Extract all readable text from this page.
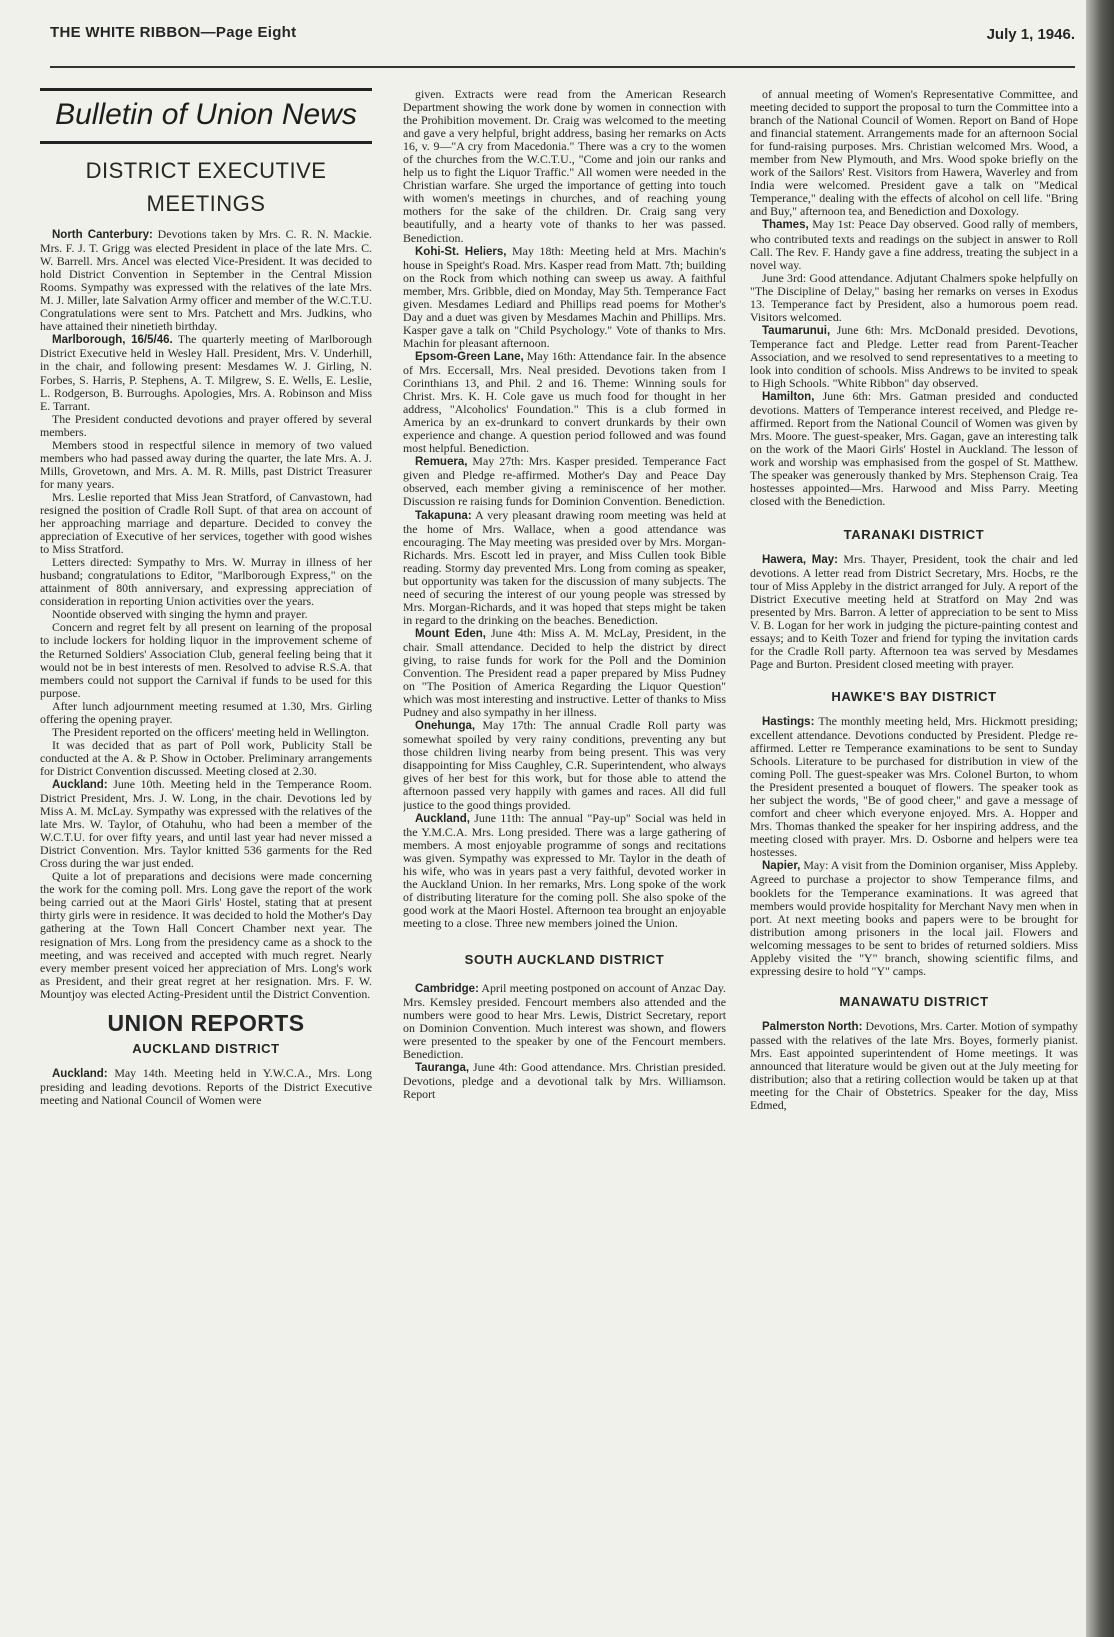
THE WHITE RIBBON—Page Eight	July 1, 1946.
Bulletin of Union News
DISTRICT EXECUTIVE MEETINGS

North Canterbury: Devotions taken by Mrs. C. R. N. Mackie. Mrs. F. J. T. Grigg was elected President in place of the late Mrs. C. W. Barrell. Mrs. Ancel was elected Vice-President. It was decided to hold District Convention in September in the Central Mission Rooms. Sympathy was expressed with the relatives of the late Mrs. M. J. Miller, late Salvation Army officer and member of the W.C.T.U. Congratulations were sent to Mrs. Patchett and Mrs. Judkins, who have attained their ninetieth birthday.

Marlborough, 16/5/46. The quarterly meeting of Marlborough District Executive held in Wesley Hall. President, Mrs. V. Underhill, in the chair, and following present: Mesdames W. J. Girling, N. Forbes, S. Harris, P. Stephens, A. T. Milgrew, S. E. Wells, E. Leslie, L. Rodgerson, B. Burroughs. Apologies, Mrs. A. Robinson and Miss E. Tarrant.

The President conducted devotions and prayer offered by several members.

Members stood in respectful silence in memory of two valued members who had passed away during the quarter, the late Mrs. A. J. Mills, Grovetown, and Mrs. A. M. R. Mills, past District Treasurer for many years.

Mrs. Leslie reported that Miss Jean Stratford, of Canvastown, had resigned the position of Cradle Roll Supt. of that area on account of her approaching marriage and departure. Decided to convey the appreciation of Executive of her services, together with good wishes to Miss Stratford.

Letters directed: Sympathy to Mrs. W. Murray in illness of her husband; congratulations to Editor, "Marlborough Express," on the attainment of 80th anniversary, and expressing appreciation of consideration in reporting Union activities over the years.

Noontide observed with singing the hymn and prayer.

Concern and regret felt by all present on learning of the proposal to include lockers for holding liquor in the improvement scheme of the Returned Soldiers' Association Club, general feeling being that it would not be in best interests of men. Resolved to advise R.S.A. that members could not support the Carnival if funds to be used for this purpose.

After lunch adjournment meeting resumed at 1.30, Mrs. Girling offering the opening prayer.

The President reported on the officers' meeting held in Wellington.

It was decided that as part of Poll work, Publicity Stall be conducted at the A. & P. Show in October. Preliminary arrangements for District Convention discussed. Meeting closed at 2.30.

Auckland: June 10th. Meeting held in the Temperance Room. District President, Mrs. J. W. Long, in the chair. Devotions led by Miss A. M. McLay. Sympathy was expressed with the relatives of the late Mrs. W. Taylor, of Otahuhu, who had been a member of the W.C.T.U. for over fifty years, and until last year had never missed a District Convention. Mrs. Taylor knitted 536 garments for the Red Cross during the war just ended.

Quite a lot of preparations and decisions were made concerning the work for the coming poll. Mrs. Long gave the report of the work being carried out at the Maori Girls' Hostel, stating that at present thirty girls were in residence. It was decided to hold the Mother's Day gathering at the Town Hall Concert Chamber next year. The resignation of Mrs. Long from the presidency came as a shock to the meeting, and was received and accepted with much regret. Nearly every member present voiced her appreciation of Mrs. Long's work as President, and their great regret at her resignation. Mrs. F. W. Mountjoy was elected Acting-President until the District Convention.

UNION REPORTS
AUCKLAND DISTRICT

Auckland: May 14th. Meeting held in Y.W.C.A., Mrs. Long presiding and leading devotions. Reports of the District Executive meeting and National Council of Women were

given. Extracts were read from the American Research Department showing the work done by women in connection with the Prohibition movement. Dr. Craig was welcomed to the meeting and gave a very helpful, bright address, basing her remarks on Acts 16, v. 9—"A cry from Macedonia." There was a cry to the women of the churches from the W.C.T.U., "Come and join our ranks and help us to fight the Liquor Traffic." All women were needed in the Christian warfare. She urged the importance of getting into touch with women's meetings in churches, and of reaching young mothers for the sake of the children. Dr. Craig sang very beautifully, and a hearty vote of thanks to her was passed. Benediction.

Kohi-St. Heliers, May 18th: Meeting held at Mrs. Machin's house in Speight's Road. Mrs. Kasper read from Matt. 7th; building on the Rock from which nothing can sweep us away. A faithful member, Mrs. Gribble, died on Monday, May 5th. Temperance Fact given. Mesdames Lediard and Phillips read poems for Mother's Day and a duet was given by Mesdames Machin and Phillips. Mrs. Kasper gave a talk on "Child Psychology." Vote of thanks to Mrs. Machin for pleasant afternoon.

Epsom-Green Lane, May 16th: Attendance fair. In the absence of Mrs. Eccersall, Mrs. Neal presided. Devotions taken from I Corinthians 13, and Phil. 2 and 16. Theme: Winning souls for Christ. Mrs. K. H. Cole gave us much food for thought in her address, "Alcoholics' Foundation." This is a club formed in America by an ex-drunkard to convert drunkards by their own experience and change. A question period followed and was found most helpful. Benediction.

Remuera, May 27th: Mrs. Kasper presided. Temperance Fact given and Pledge re-affirmed. Mother's Day and Peace Day observed, each member giving a reminiscence of her mother. Discussion re raising funds for Dominion Convention. Benediction.

Takapuna: A very pleasant drawing room meeting was held at the home of Mrs. Wallace, when a good attendance was encouraging. The May meeting was presided over by Mrs. Morgan-Richards. Mrs. Escott led in prayer, and Miss Cullen took Bible reading. Stormy day prevented Mrs. Long from coming as speaker, but opportunity was taken for the discussion of many subjects. The need of securing the interest of our young people was stressed by Mrs. Morgan-Richards, and it was hoped that steps might be taken in regard to the drinking on the beaches. Benediction.

Mount Eden, June 4th: Miss A. M. McLay, President, in the chair. Small attendance. Decided to help the district by direct giving, to raise funds for work for the Poll and the Dominion Convention. The President read a paper prepared by Miss Pudney on "The Position of America Regarding the Liquor Question" which was most interesting and instructive. Letter of thanks to Miss Pudney and also sympathy in her illness.

Onehunga, May 17th: The annual Cradle Roll party was somewhat spoiled by very rainy conditions, preventing any but those children living nearby from being present. This was very disappointing for Miss Caughley, C.R. Superintendent, who always gives of her best for this work, but for those able to attend the afternoon passed very happily with games and races. All did full justice to the good things provided.

Auckland, June 11th: The annual "Pay-up" Social was held in the Y.M.C.A. Mrs. Long presided. There was a large gathering of members. A most enjoyable programme of songs and recitations was given. Sympathy was expressed to Mr. Taylor in the death of his wife, who was in years past a very faithful, devoted worker in the Auckland Union. In her remarks, Mrs. Long spoke of the work of distributing literature for the coming poll. She also spoke of the good work at the Maori Hostel. Afternoon tea brought an enjoyable meeting to a close. Three new members joined the Union.

SOUTH AUCKLAND DISTRICT

Cambridge: April meeting postponed on account of Anzac Day. Mrs. Kemsley presided. Fencourt members also attended and the numbers were good to hear Mrs. Lewis, District Secretary, report on Dominion Convention. Much interest was shown, and flowers were presented to the speaker by one of the Fencourt members. Benediction.

Tauranga, June 4th: Good attendance. Mrs. Christian presided. Devotions, pledge and a devotional talk by Mrs. Williamson. Report

of annual meeting of Women's Representative Committee, and meeting decided to support the proposal to turn the Committee into a branch of the National Council of Women. Report on Band of Hope and financial statement. Arrangements made for an afternoon Social for fund-raising purposes. Mrs. Christian welcomed Mrs. Wood, a member from New Plymouth, and Mrs. Wood spoke briefly on the work of the Sailors' Rest. Visitors from Hawera, Waverley and from India were welcomed. President gave a talk on "Medical Temperance," dealing with the effects of alcohol on cell life. "Bring and Buy," afternoon tea, and Benediction and Doxology.

Thames, May 1st: Peace Day observed. Good rally of members, who contributed texts and readings on the subject in answer to Roll Call. The Rev. F. Handy gave a fine address, treating the subject in a novel way.

June 3rd: Good attendance. Adjutant Chalmers spoke helpfully on "The Discipline of Delay," basing her remarks on verses in Exodus 13. Temperance fact by President, also a humorous poem read. Visitors welcomed.

Taumarunui, June 6th: Mrs. McDonald presided. Devotions, Temperance fact and Pledge. Letter read from Parent-Teacher Association, and we resolved to send representatives to a meeting to look into condition of schools. Miss Andrews to be invited to speak to High Schools. "White Ribbon" day observed.

Hamilton, June 6th: Mrs. Gatman presided and conducted devotions. Matters of Temperance interest received, and Pledge re-affirmed. Report from the National Council of Women was given by Mrs. Moore. The guest-speaker, Mrs. Gagan, gave an interesting talk on the work of the Maori Girls' Hostel in Auckland. The lesson of work and worship was emphasised from the gospel of St. Matthew. The speaker was generously thanked by Mrs. Stephenson Craig. Tea hostesses appointed—Mrs. Harwood and Miss Parry. Meeting closed with the Benediction.

TARANAKI DISTRICT

Hawera, May: Mrs. Thayer, President, took the chair and led devotions. A letter read from District Secretary, Mrs. Hocbs, re the tour of Miss Appleby in the district arranged for July. A report of the District Executive meeting held at Stratford on May 2nd was presented by Mrs. Barron. A letter of appreciation to be sent to Miss V. B. Logan for her work in judging the picture-painting contest and essays; and to Keith Tozer and friend for typing the invitation cards for the Cradle Roll party. Afternoon tea was served by Mesdames Page and Burton. President closed meeting with prayer.

HAWKE'S BAY DISTRICT

Hastings: The monthly meeting held, Mrs. Hickmott presiding; excellent attendance. Devotions conducted by President. Pledge re-affirmed. Letter re Temperance examinations to be sent to Sunday Schools. Literature to be purchased for distribution in view of the coming Poll. The guest-speaker was Mrs. Colonel Burton, to whom the President presented a bouquet of flowers. The speaker took as her subject the words, "Be of good cheer," and gave a message of comfort and cheer which everyone enjoyed. Mrs. A. Hopper and Mrs. Thomas thanked the speaker for her inspiring address, and the meeting closed with prayer. Mrs. D. Osborne and helpers were tea hostesses.

Napier, May: A visit from the Dominion organiser, Miss Appleby. Agreed to purchase a projector to show Temperance films, and booklets for the Temperance examinations. It was agreed that members would provide hospitality for Merchant Navy men when in port. At next meeting books and papers were to be brought for distribution among prisoners in the local jail. Flowers and welcoming messages to be sent to brides of returned soldiers. Miss Appleby visited the "Y" branch, showing scientific films, and expressing desire to hold "Y" camps.

MANAWATU DISTRICT

Palmerston North: Devotions, Mrs. Carter. Motion of sympathy passed with the relatives of the late Mrs. Boyes, formerly pianist. Mrs. East appointed superintendent of Home meetings. It was announced that literature would be given out at the July meeting for distribution; also that a retiring collection would be taken up at that meeting for the Chair of Obstetrics. Speaker for the day, Miss Edmed,
